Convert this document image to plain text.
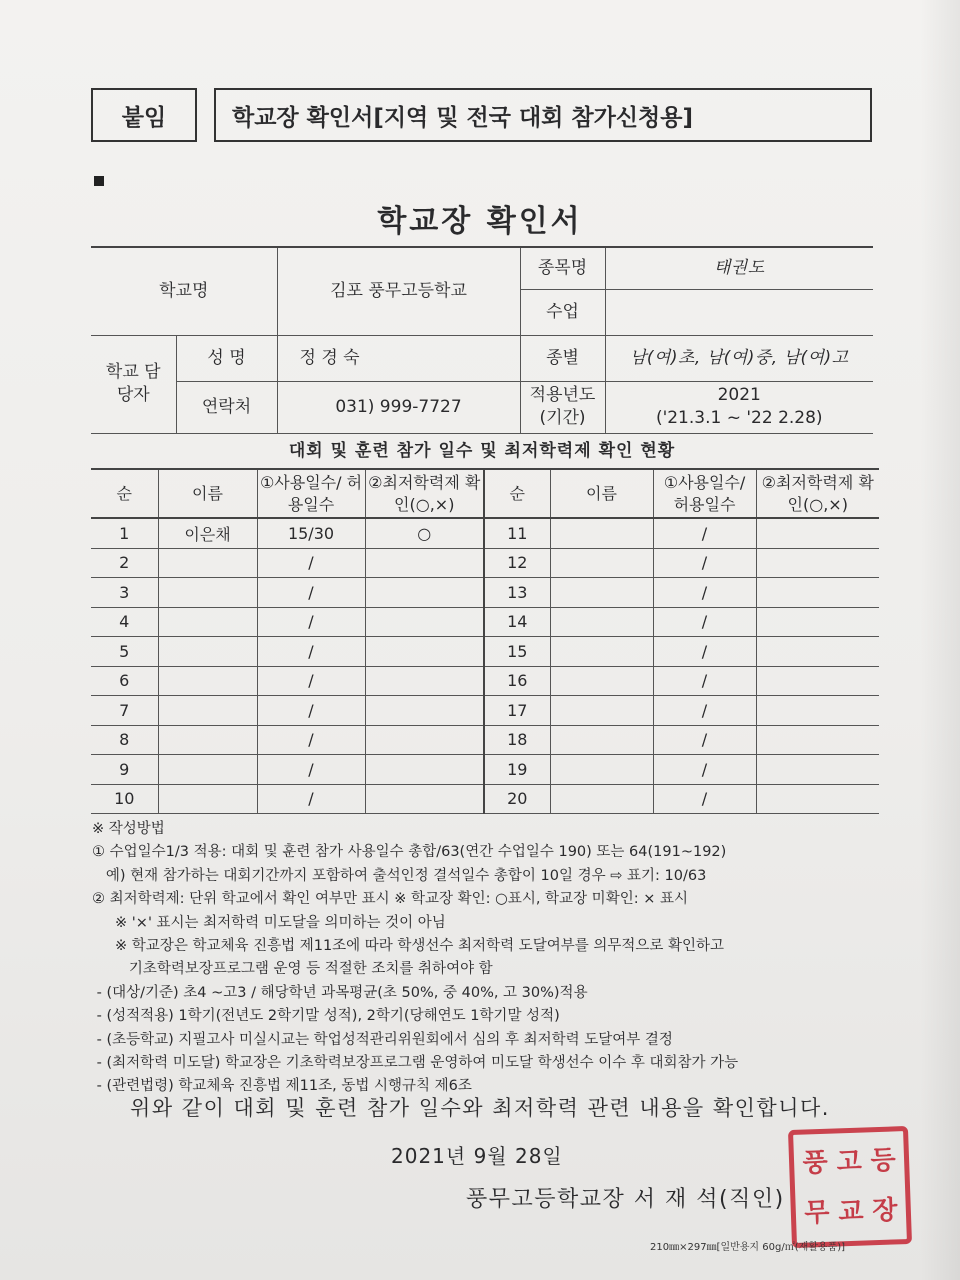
붙임	학교장 확인서[지역 및 전국 대회 참가신청용]
학교장 확인서
학교명		김포 풍무고등학교	종목명	태권도
			수업	
학교 담당자	성 명	정 경 숙	종별	남(여)초, 남(여)중, 남(여)고
	연락처	031) 999-7727	적용년도 (기간)	2021
('21.3.1 ~ '22 2.28)
대회 및 훈련 참가 일수 및 최저학력제 확인 현황
순	이름	①사용일수/ 허용일수	②최저학력제 확인(○,×)	순	이름	①사용일수/ 허용일수	②최저학력제 확인(○,×)
1	이은채	15/30	○	11		/	
2		/		12		/	
3		/		13		/	
4		/		14		/	
5		/		15		/	
6		/		16		/	
7		/		17		/	
8		/		18		/	
9		/		19		/	
10		/		20		/	
※ 작성방법
① 수업일수1/3 적용: 대회 및 훈련 참가 사용일수 총합/63(연간 수업일수 190) 또는 64(191~192)
예) 현재 참가하는 대회기간까지 포함하여 출석인정 결석일수 총합이 10일 경우 ⇨ 표기: 10/63
② 최저학력제: 단위 학교에서 확인 여부만 표시 ※ 학교장 확인: ○표시, 학교장 미확인: × 표시
※ '×' 표시는 최저학력 미도달을 의미하는 것이 아님
※ 학교장은 학교체육 진흥법 제11조에 따라 학생선수 최저학력 도달여부를 의무적으로 확인하고
기초학력보장프로그램 운영 등 적절한 조치를 취하여야 함
- (대상/기준) 초4 ~고3 / 해당학년 과목평균(초 50%, 중 40%, 고 30%)적용
- (성적적용) 1학기(전년도 2학기말 성적), 2학기(당해연도 1학기말 성적)
- (초등학교) 지필고사 미실시교는 학업성적관리위원회에서 심의 후 최저학력 도달여부 결정
- (최저학력 미도달) 학교장은 기초학력보장프로그램 운영하여 미도달 학생선수 이수 후 대회참가 가능
- (관련법령) 학교체육 진흥법 제11조, 동법 시행규칙 제6조
위와 같이 대회 및 훈련 참가 일수와 최저학력 관련 내용을 확인합니다.
2021년 9월 28일
풍무고등학교장 서 재 석(직인)
풍 고 등
무 교 장
210㎜×297㎜[일반용지 60g/㎡(재활용품)]
